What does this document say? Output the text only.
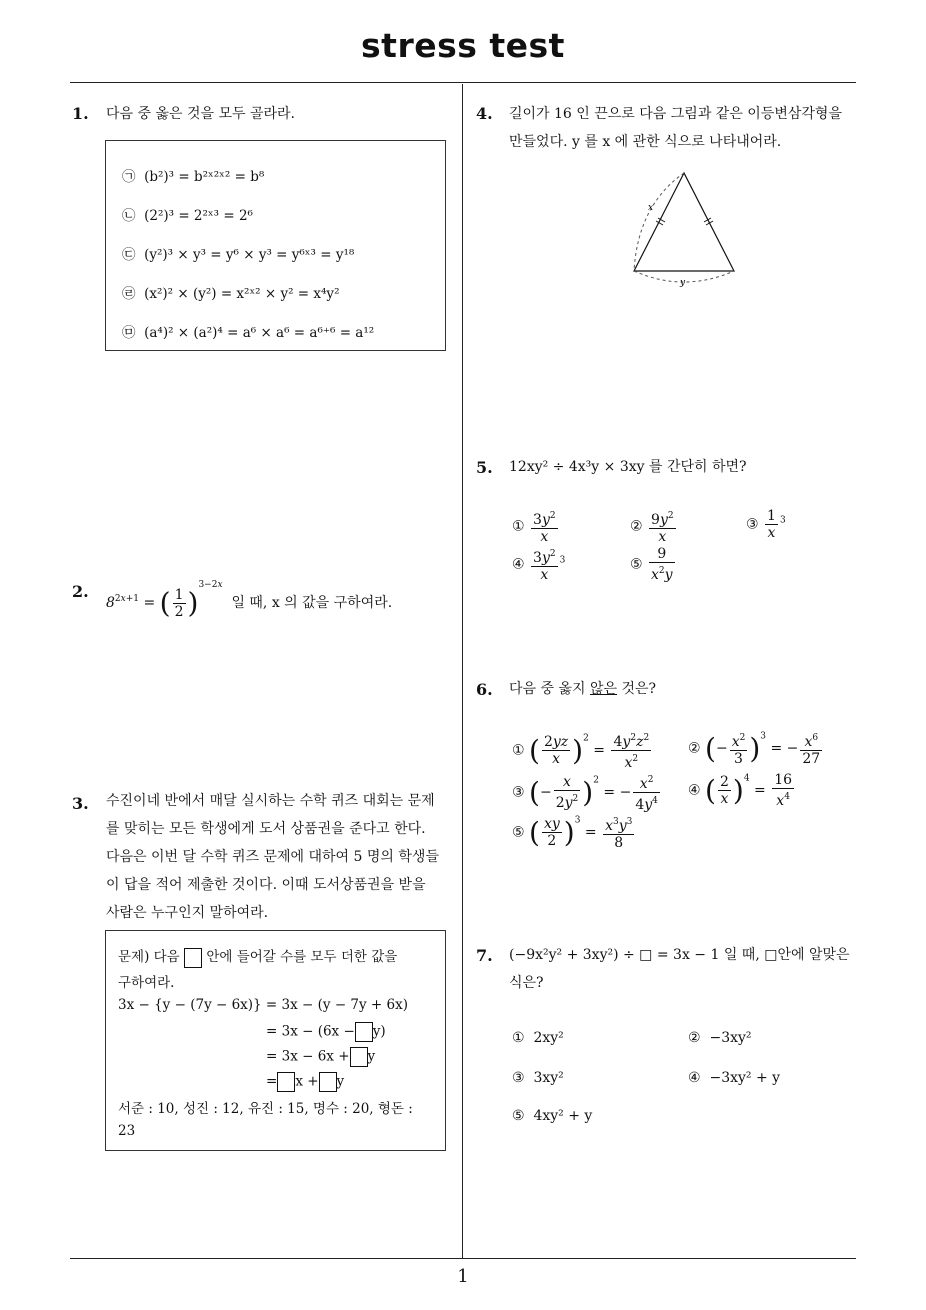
stress test
1
1. 다음 중 옳은 것을 모두 골라라.
㉠ (b²)³ = b²ˣ²ˣ² = b⁸
㉡ (2²)³ = 2²ˣ³ = 2⁶
㉢ (y²)³ × y³ = y⁶ × y³ = y⁶ˣ³ = y¹⁸
㉣ (x²)² × (y²) = x²ˣ² × y² = x⁴y²
㉤ (a⁴)² × (a²)⁴ = a⁶ × a⁶ = a⁶⁺⁶ = a¹²
2.
$8^{2x+1}$ = ( $\frac{1}{2} )^{3-2x}$  일 때, x 의 값을 구하여라.
3. 수진이네 반에서 매달 실시하는 수학 퀴즈 대회는 문제
를 맞히는 모든 학생에게 도서 상품권을 준다고 한다.
다음은 이번 달 수학 퀴즈 문제에 대하여 5 명의 학생들
이 답을 적어 제출한 것이다. 이때 도서상품권을 받을
사람은 누구인지 말하여라.
문제) 다음 안에 들어갈 수를 모두 더한 값을
구하여라.
3x − {y − (7y − 6x)} = 3x − (y − 7y + 6x)
= 3x − (6x − y)
= 3x − 6x + y
= x + y
서준 : 10, 성진 : 12, 유진 : 15, 명수 : 20, 형돈 :
23
4. 길이가 16 인 끈으로 다음 그림과 같은 이등변삼각형을
만들었다. y 를 x 에 관한 식으로 나타내어라.
x
y
5. 12xy² ÷ 4x³y × 3xy 를 간단히 하면?
① $\frac{3y^2}{x}$	② $\frac{9y^2}{x}$	③ $\frac{1}{x} ^3$
④ $\frac{3y^2}{x} ^3$	⑤ $\frac{9}{x^2y}$
6. 다음 중 옳지 않은 것은?
① ( $\frac{2yz}{x} )^2 = \frac{4y^2z^2}{x^2}$	② (− $\frac{x^2}{3} )^3$ = − $\frac{x^6}{27}$
③ (− $\frac{x}{2y^2} )^2$ = − $\frac{x^2}{4y^4}$ ④ ( $\frac{2}{x} )^4 = \frac{16}{x^4}$
⑤ ( $\frac{xy}{2} )^3 = \frac{x^3y^3}{8}$
7. (−9x²y² + 3xy²) ÷ □ = 3x − 1 일 때, □안에 알맞은
식은?
① 2xy²	② −3xy²
③ 3xy²	④ −3xy² + y
⑤ 4xy² + y
